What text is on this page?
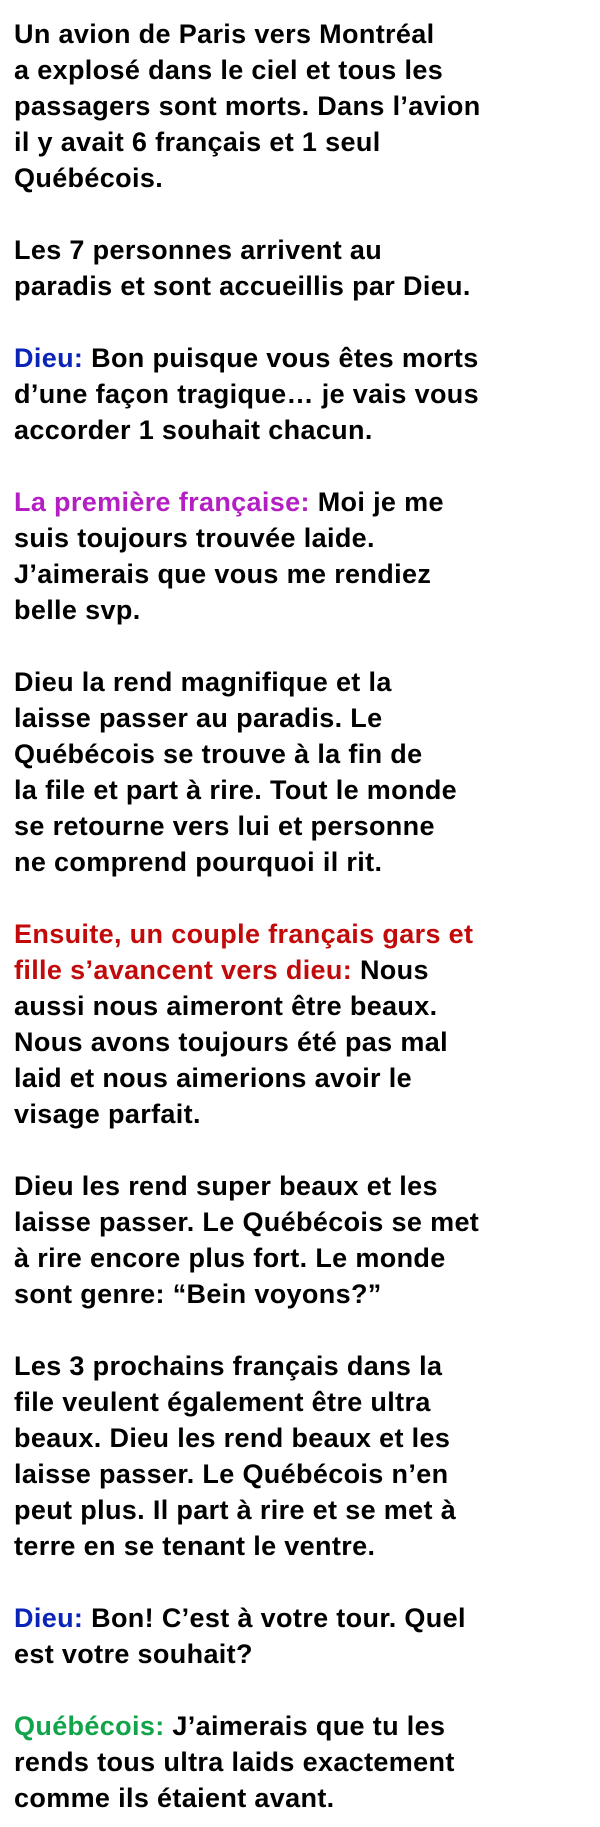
Un avion de Paris vers Montréal
a explosé dans le ciel et tous les
passagers sont morts. Dans l’avion
il y avait 6 français et 1 seul
Québécois.

Les 7 personnes arrivent au
paradis et sont accueillis par Dieu.

Dieu: Bon puisque vous êtes morts
d’une façon tragique… je vais vous
accorder 1 souhait chacun.

La première française: Moi je me
suis toujours trouvée laide.
J’aimerais que vous me rendiez
belle svp.

Dieu la rend magnifique et la
laisse passer au paradis. Le
Québécois se trouve à la fin de
la file et part à rire. Tout le monde
se retourne vers lui et personne
ne comprend pourquoi il rit.

Ensuite, un couple français gars et
fille s’avancent vers dieu: Nous
aussi nous aimeront être beaux.
Nous avons toujours été pas mal
laid et nous aimerions avoir le
visage parfait.

Dieu les rend super beaux et les
laisse passer. Le Québécois se met
à rire encore plus fort. Le monde
sont genre: “Bein voyons?”

Les 3 prochains français dans la
file veulent également être ultra
beaux. Dieu les rend beaux et les
laisse passer. Le Québécois n’en
peut plus. Il part à rire et se met à
terre en se tenant le ventre.

Dieu: Bon! C’est à votre tour. Quel
est votre souhait?

Québécois: J’aimerais que tu les
rends tous ultra laids exactement
comme ils étaient avant.
